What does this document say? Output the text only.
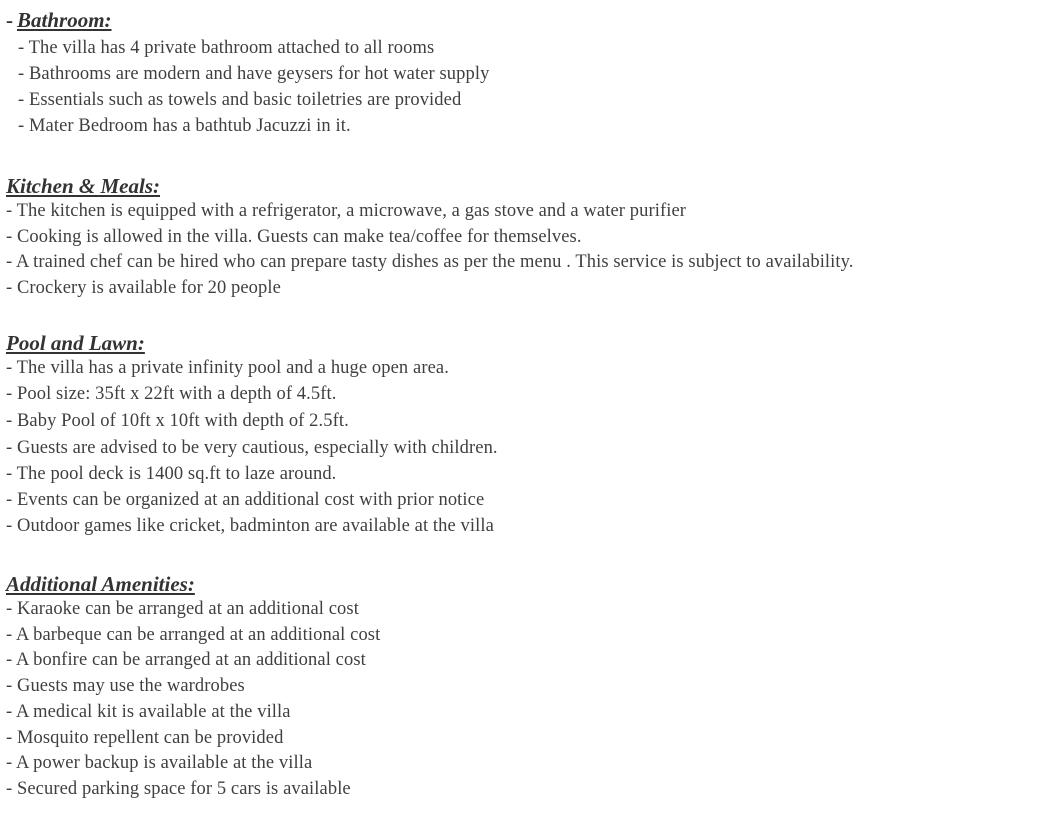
- Bathroom:
- The villa has 4 private bathroom attached to all rooms
- Bathrooms are modern and have geysers for hot water supply
- Essentials such as towels and basic toiletries are provided
- Mater Bedroom has a bathtub Jacuzzi in it.
Kitchen & Meals:
- The kitchen is equipped with a refrigerator, a microwave, a gas stove and a water purifier
- Cooking is allowed in the villa. Guests can make tea/coffee for themselves.
- A trained chef can be hired who can prepare tasty dishes as per the menu . This service is subject to availability.
- Crockery is available for 20 people
Pool and Lawn:
- The villa has a private infinity pool and a huge open area.
- Pool size: 35ft x 22ft with a depth of 4.5ft.
- Baby Pool of 10ft x 10ft with depth of 2.5ft.
- Guests are advised to be very cautious, especially with children.
- The pool deck is 1400 sq.ft to laze around.
- Events can be organized at an additional cost with prior notice
- Outdoor games like cricket, badminton are available at the villa
Additional Amenities:
- Karaoke can be arranged at an additional cost
- A barbeque can be arranged at an additional cost
- A bonfire can be arranged at an additional cost
- Guests may use the wardrobes
- A medical kit is available at the villa
- Mosquito repellent can be provided
- A power backup is available at the villa
- Secured parking space for 5 cars is available
